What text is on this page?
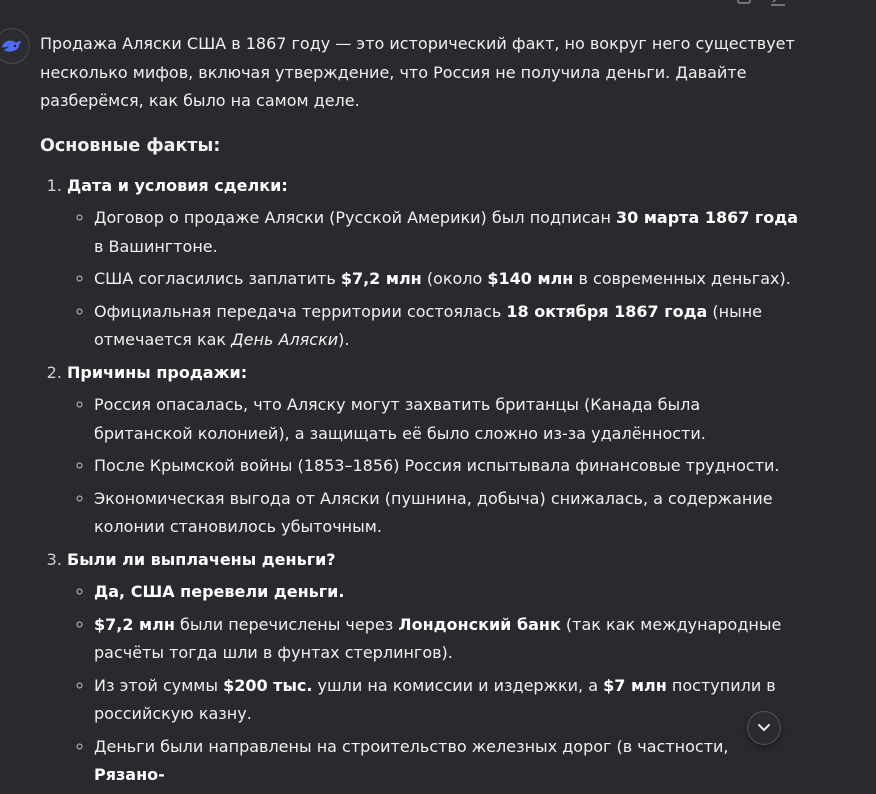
Продажа Аляски США в 1867 году — это исторический факт, но вокруг него существует несколько мифов, включая утверждение, что Россия не получила деньги. Давайте разберёмся, как было на самом деле.

Основные факты:
1. Дата и условия сделки:
◦ Договор о продаже Аляски (Русской Америки) был подписан 30 марта 1867 года в Вашингтоне.
◦ США согласились заплатить $7,2 млн (около $140 млн в современных деньгах).
◦ Официальная передача территории состоялась 18 октября 1867 года (ныне отмечается как День Аляски).
2. Причины продажи:
◦ Россия опасалась, что Аляску могут захватить британцы (Канада была британской колонией), а защищать её было сложно из-за удалённости.
◦ После Крымской войны (1853–1856) Россия испытывала финансовые трудности.
◦ Экономическая выгода от Аляски (пушнина, добыча) снижалась, а содержание колонии становилось убыточным.
3. Были ли выплачены деньги?
◦ Да, США перевели деньги.
◦ $7,2 млн были перечислены через Лондонский банк (так как международные расчёты тогда шли в фунтах стерлингов).
◦ Из этой суммы $200 тыс. ушли на комиссии и издержки, а $7 млн поступили в российскую казну.
◦ Деньги были направлены на строительство железных дорог (в частности, Рязано-
